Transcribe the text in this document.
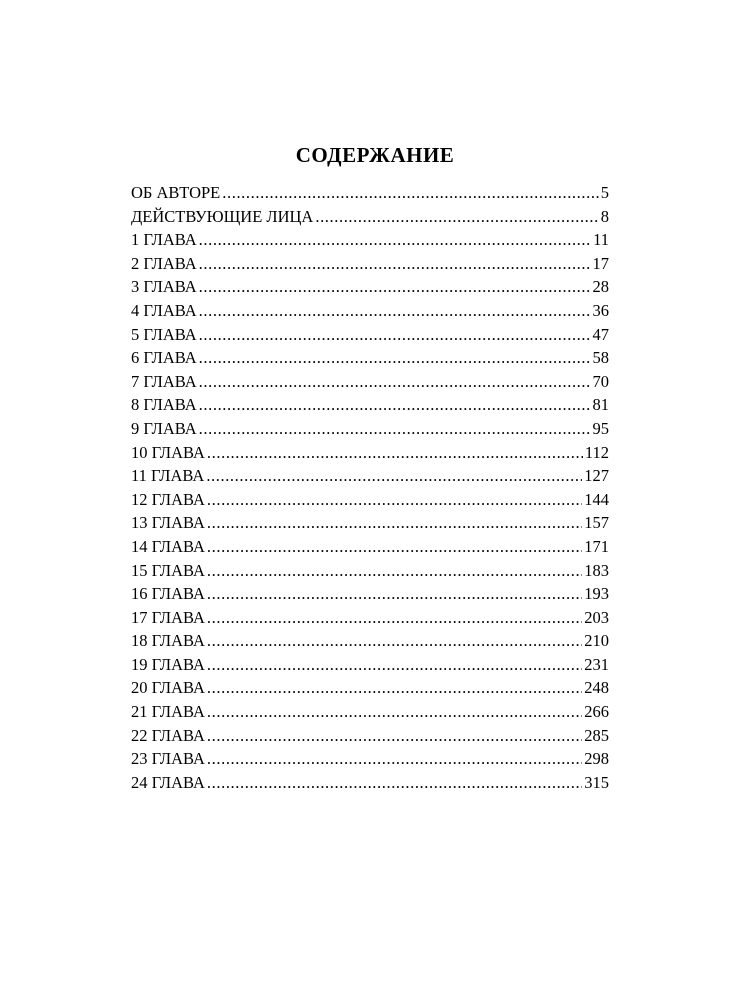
СОДЕРЖАНИЕ
ОБ АВТОРЕ .....	5
ДЕЙСТВУЮЩИЕ ЛИЦА .....	8
1 ГЛАВА .....	11
2 ГЛАВА .....	17
3 ГЛАВА .....	28
4 ГЛАВА .....	36
5 ГЛАВА .....	47
6 ГЛАВА .....	58
7 ГЛАВА .....	70
8 ГЛАВА .....	81
9 ГЛАВА .....	95
10 ГЛАВА .....	112
11 ГЛАВА .....	127
12 ГЛАВА .....	144
13 ГЛАВА .....	157
14 ГЛАВА .....	171
15 ГЛАВА .....	183
16 ГЛАВА .....	193
17 ГЛАВА .....	203
18 ГЛАВА .....	210
19 ГЛАВА .....	231
20 ГЛАВА .....	248
21 ГЛАВА .....	266
22 ГЛАВА .....	285
23 ГЛАВА .....	298
24 ГЛАВА .....	315
